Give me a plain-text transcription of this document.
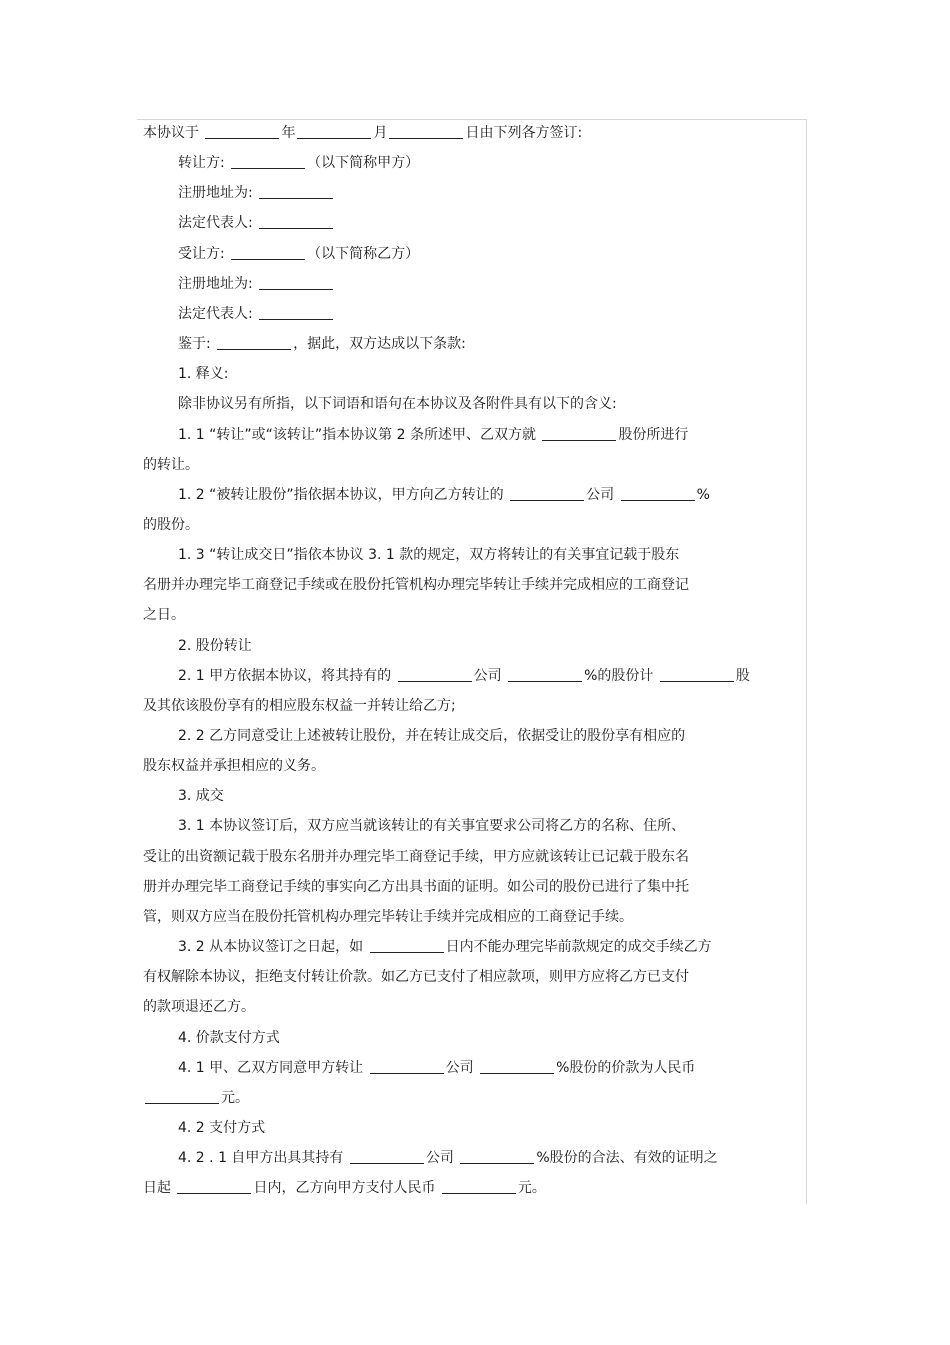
本协议于	年	月	日由下列各方签订:
转让方:	（以下简称甲方）
注册地址为:
法定代表人:
受让方:	（以下简称乙方）
注册地址为:
法定代表人:
鉴于:	，据此，双方达成以下条款:
1. 释义:
除非协议另有所指，以下词语和语句在本协议及各附件具有以下的含义:
1. 1 “转让”或“该转让”指本协议第 2 条所述甲、乙双方就	股份所进行
的转让。
1. 2 “被转让股份”指依据本协议，甲方向乙方转让的	公司	%
的股份。
1. 3 “转让成交日”指依本协议 3. 1 款的规定，双方将转让的有关事宜记载于股东
名册并办理完毕工商登记手续或在股份托管机构办理完毕转让手续并完成相应的工商登记
之日。
2. 股份转让
2. 1 甲方依据本协议，将其持有的	公司	%的股份计	股
及其依该股份享有的相应股东权益一并转让给乙方;
2. 2 乙方同意受让上述被转让股份，并在转让成交后，依据受让的股份享有相应的
股东权益并承担相应的义务。
3. 成交
3. 1 本协议签订后，双方应当就该转让的有关事宜要求公司将乙方的名称、住所、
受让的出资额记载于股东名册并办理完毕工商登记手续，甲方应就该转让已记载于股东名
册并办理完毕工商登记手续的事实向乙方出具书面的证明。如公司的股份已进行了集中托
管，则双方应当在股份托管机构办理完毕转让手续并完成相应的工商登记手续。
3. 2 从本协议签订之日起，如	日内不能办理完毕前款规定的成交手续乙方
有权解除本协议，拒绝支付转让价款。如乙方已支付了相应款项，则甲方应将乙方已支付
的款项退还乙方。
4. 价款支付方式
4. 1 甲、乙双方同意甲方转让	公司	%股份的价款为人民币
元。
4. 2 支付方式
4. 2 . 1 自甲方出具其持有	公司	%股份的合法、有效的证明之
日起	日内，乙方向甲方支付人民币	元。
